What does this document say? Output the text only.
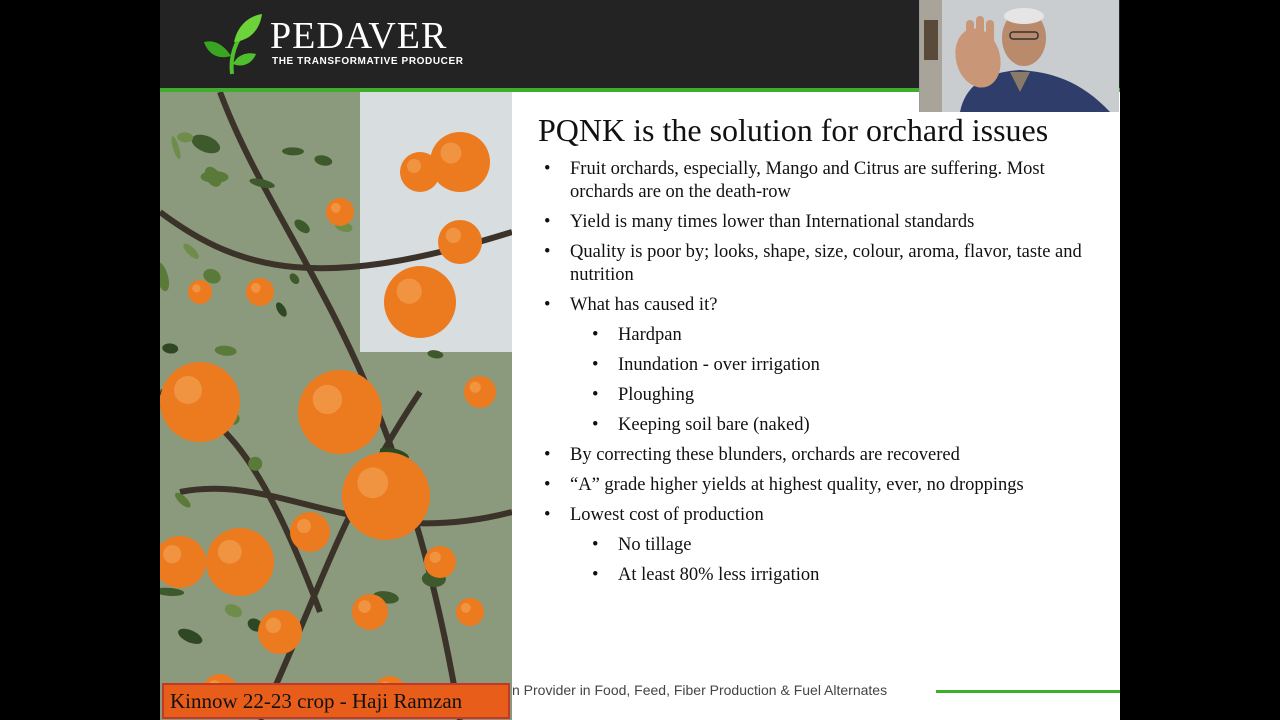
PEDAVER
THE TRANSFORMATIVE PRODUCER
Kinnow 22-23 crop - Haji Ramzan
PQNK is the solution for orchard issues
• Fruit orchards, especially, Mango and Citrus are suffering. Most orchards are on the death-row
• Yield is many times lower than International standards
• Quality is poor by; looks, shape, size, colour, aroma, flavor, taste and nutrition
• What has caused it?
• Hardpan
• Inundation - over irrigation
• Ploughing
• Keeping soil bare (naked)
• By correcting these blunders, orchards are recovered
• “A” grade higher yields at highest quality, ever, no droppings
• Lowest cost of production
• No tillage
• At least 80% less irrigation
n Provider in Food, Feed, Fiber Production & Fuel Alternates
